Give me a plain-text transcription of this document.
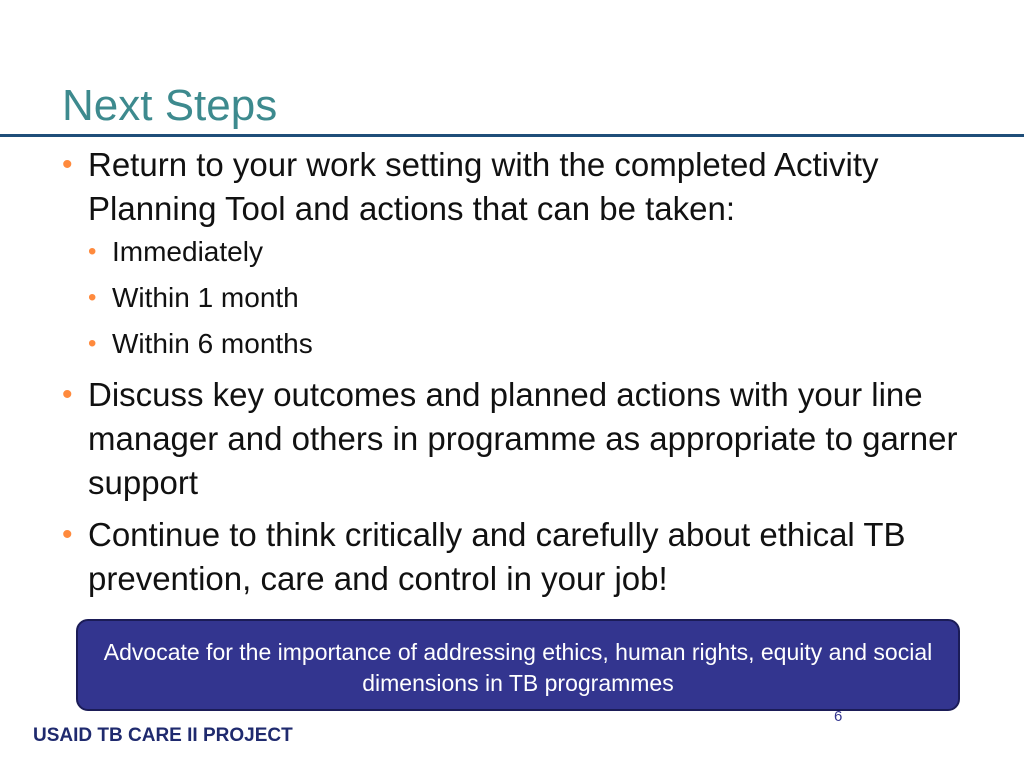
Next Steps
• Return to your work setting with the completed Activity Planning Tool and actions that can be taken:
• Immediately
• Within 1 month
• Within 6 months
• Discuss key outcomes and planned actions with your line manager and others in programme as appropriate to garner support
• Continue to think critically and carefully about ethical TB prevention, care and control in your job!
Advocate for the importance of addressing ethics, human rights, equity and social dimensions in TB programmes
6
USAID TB CARE II PROJECT
